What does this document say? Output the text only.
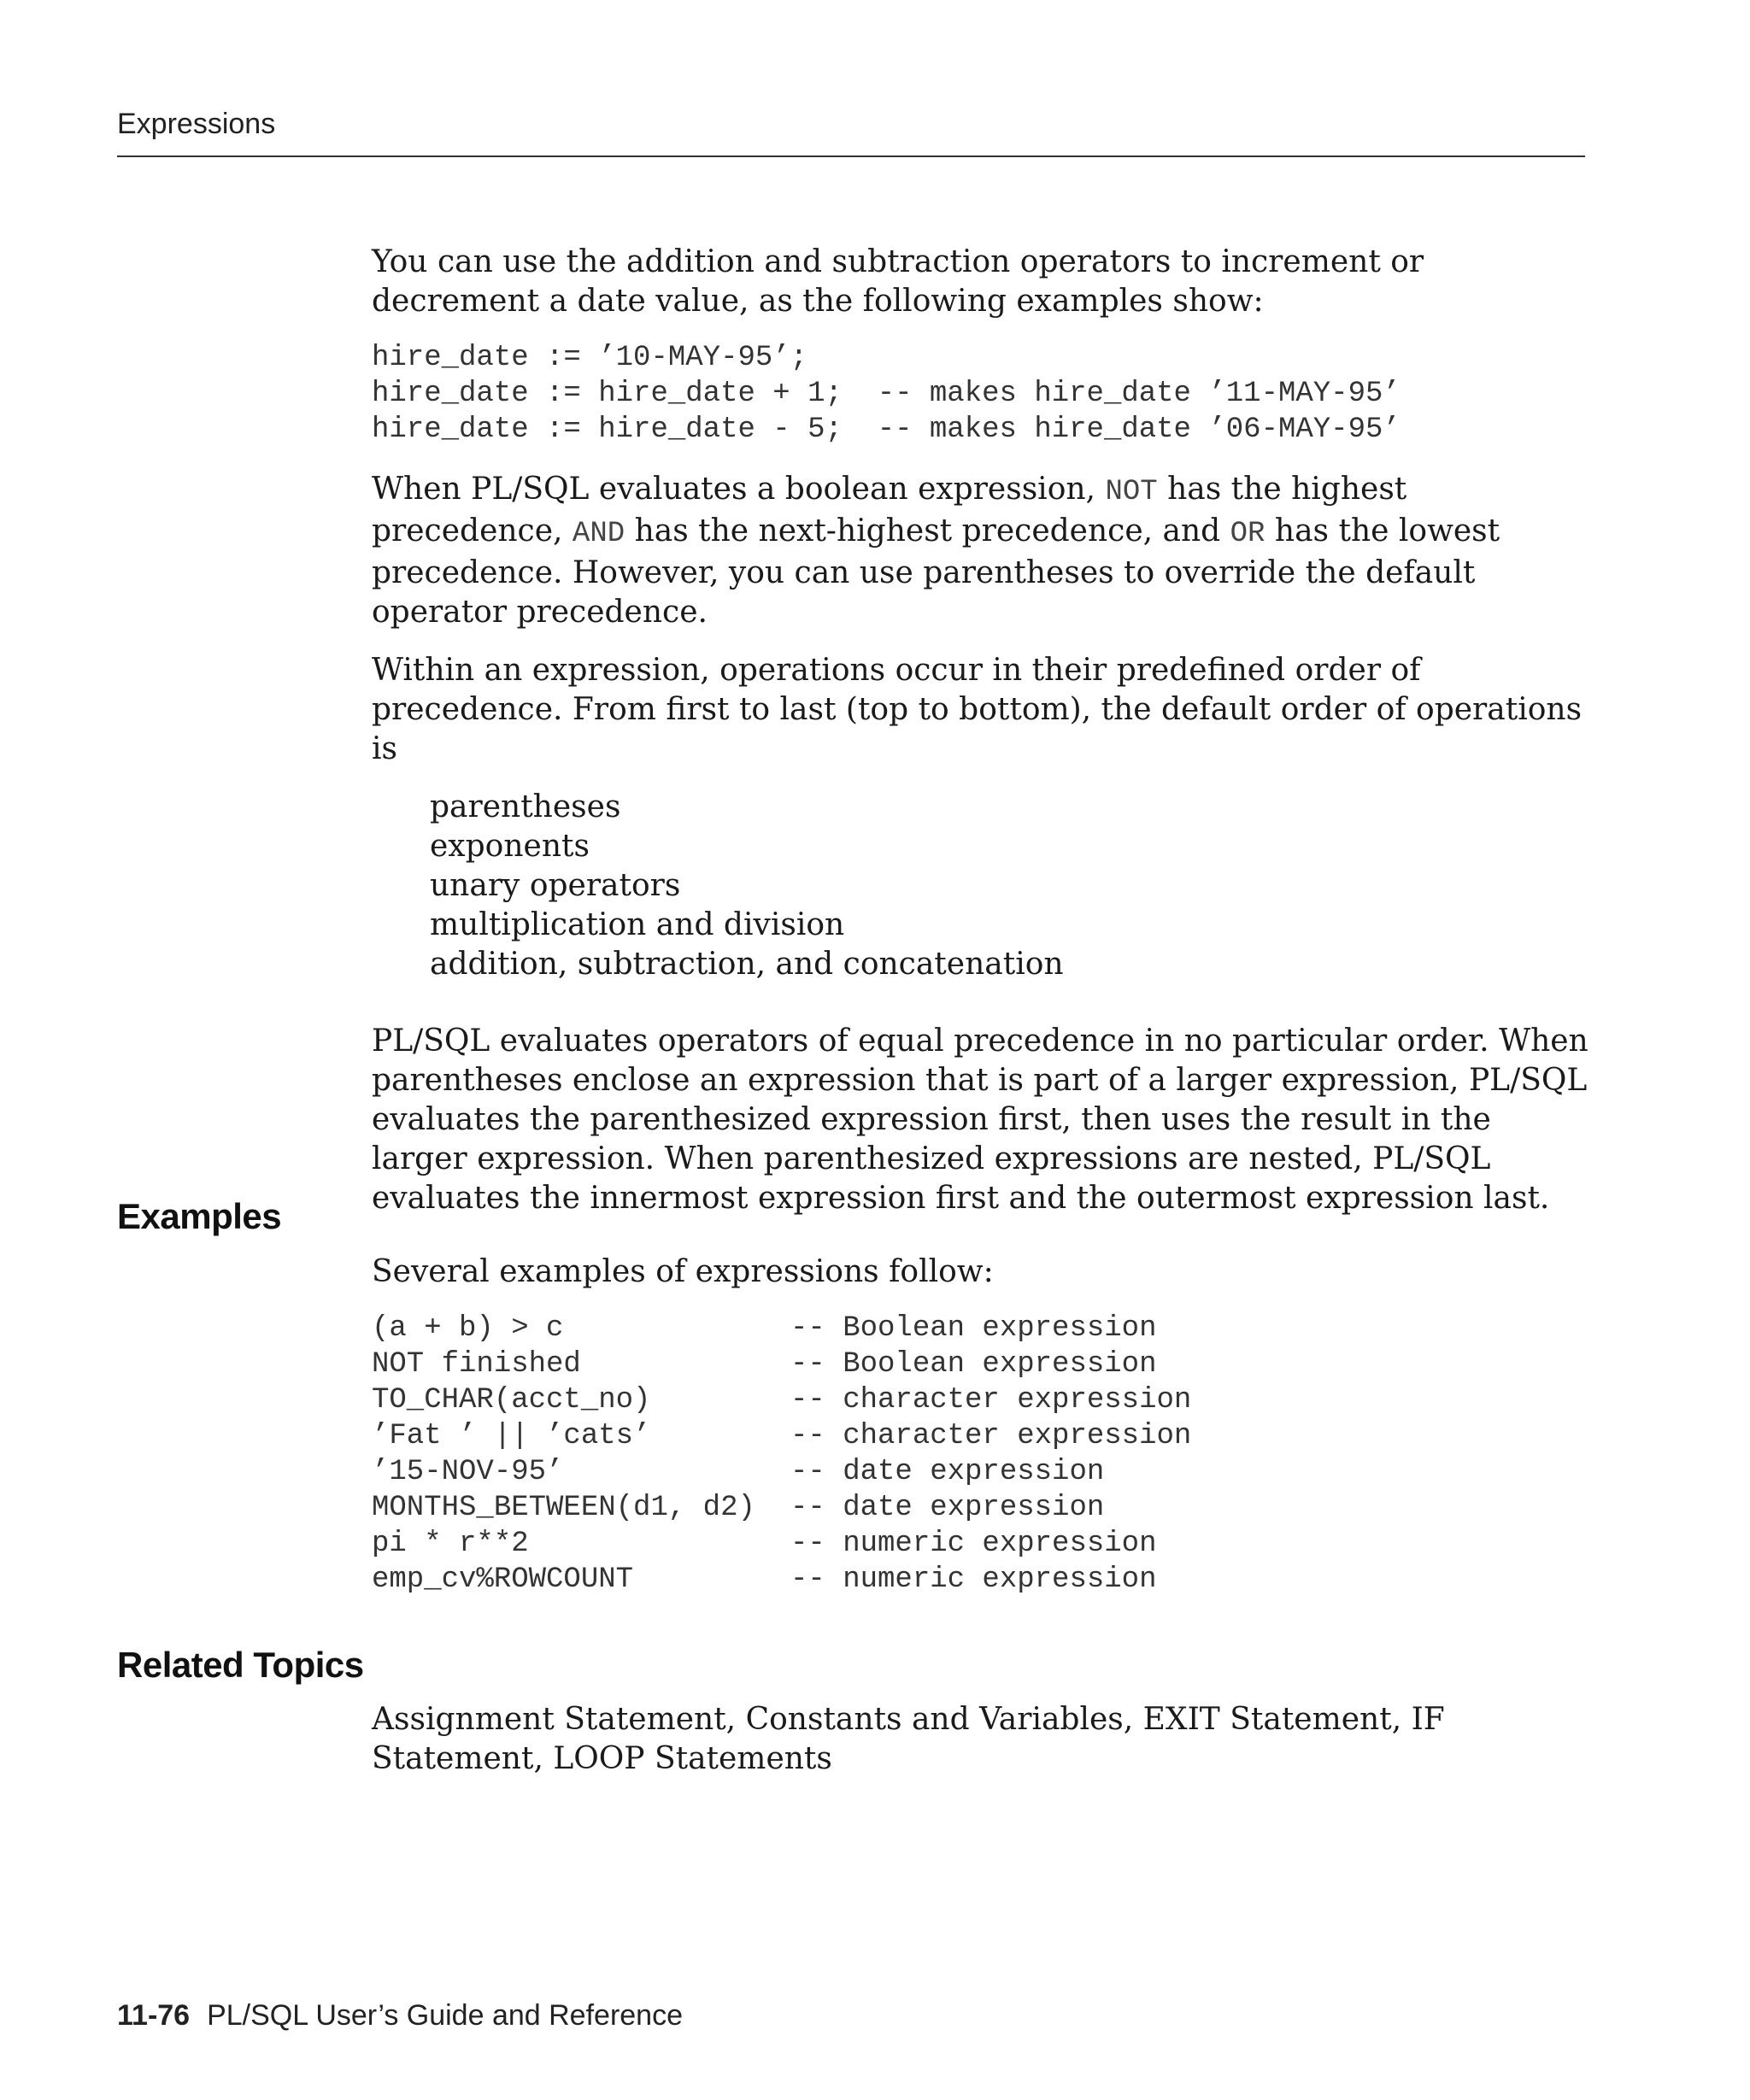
Expressions

You can use the addition and subtraction operators to increment or decrement a date value, as the following examples show:

hire_date := ’10-MAY-95’;
hire_date := hire_date + 1;  -- makes hire_date ’11-MAY-95’
hire_date := hire_date - 5;  -- makes hire_date ’06-MAY-95’

When PL/SQL evaluates a boolean expression, NOT has the highest precedence, AND has the next-highest precedence, and OR has the lowest precedence. However, you can use parentheses to override the default operator precedence.

Within an expression, operations occur in their predefined order of precedence. From first to last (top to bottom), the default order of operations is

parentheses
exponents
unary operators
multiplication and division
addition, subtraction, and concatenation

PL/SQL evaluates operators of equal precedence in no particular order. When parentheses enclose an expression that is part of a larger expression, PL/SQL evaluates the parenthesized expression first, then uses the result in the larger expression. When parenthesized expressions are nested, PL/SQL evaluates the innermost expression first and the outermost expression last.

Examples

Several examples of expressions follow:

(a + b) > c	-- Boolean expression
NOT finished	-- Boolean expression
TO_CHAR(acct_no)	-- character expression
’Fat ’ || ’cats’	-- character expression
’15-NOV-95’	-- date expression
MONTHS_BETWEEN(d1, d2)	-- date expression
pi * r**2	-- numeric expression
emp_cv%ROWCOUNT	-- numeric expression
Related Topics

Assignment Statement, Constants and Variables, EXIT Statement, IF Statement, LOOP Statements

11-76 PL/SQL User’s Guide and Reference
